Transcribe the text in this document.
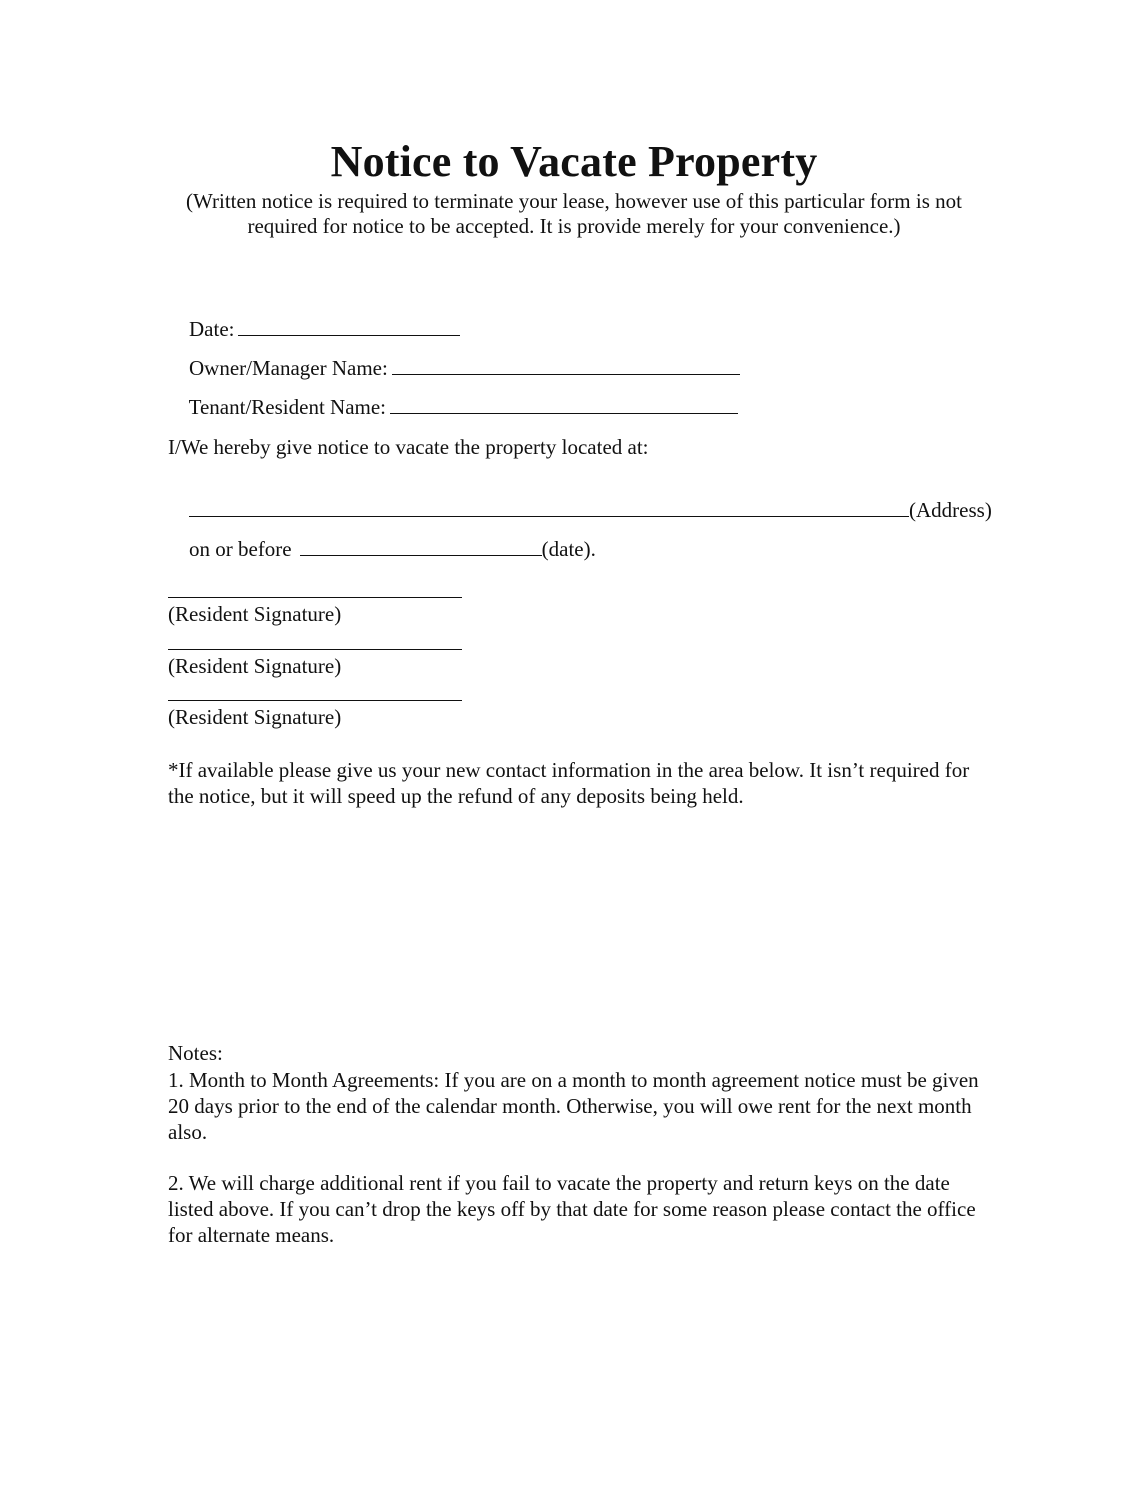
Notice to Vacate Property
(Written notice is required to terminate your lease, however use of this particular form is not required for notice to be accepted. It is provide merely for your convenience.)

Date:

Owner/Manager Name:

Tenant/Resident Name:

I/We hereby give notice to vacate the property located at:

(Address)

on or before	(date).

(Resident Signature)
(Resident Signature)
(Resident Signature)
*If available please give us your new contact information in the area below. It isn’t required for the notice, but it will speed up the refund of any deposits being held.
Notes:
1. Month to Month Agreements: If you are on a month to month agreement notice must be given 20 days prior to the end of the calendar month. Otherwise, you will owe rent for the next month also.
2. We will charge additional rent if you fail to vacate the property and return keys on the date listed above. If you can’t drop the keys off by that date for some reason please contact the office for alternate means.
